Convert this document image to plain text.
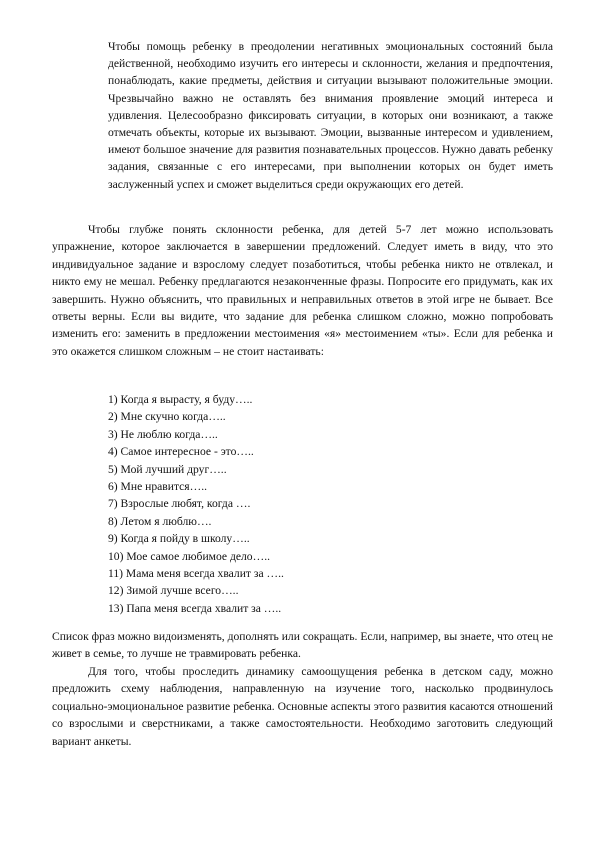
Чтобы помощь ребенку в преодолении негативных эмоциональных состояний была действенной, необходимо изучить его интересы и склонности, желания и предпочтения, понаблюдать, какие предметы, действия и ситуации вызывают положительные эмоции. Чрезвычайно важно не оставлять без внимания проявление эмоций интереса и удивления. Целесообразно фиксировать ситуации, в которых они возникают, а также отмечать объекты, которые их вызывают. Эмоции, вызванные интересом и удивлением, имеют большое значение для развития познавательных процессов. Нужно давать ребенку задания, связанные с его интересами, при выполнении которых он будет иметь заслуженный успех и сможет выделиться среди окружающих его детей.

Чтобы глубже понять склонности ребенка, для детей 5-7 лет можно использовать упражнение, которое заключается в завершении предложений. Следует иметь в виду, что это индивидуальное задание и взрослому следует позаботиться, чтобы ребенка никто не отвлекал, и никто ему не мешал. Ребенку предлагаются незаконченные фразы. Попросите его придумать, как их завершить. Нужно объяснить, что правильных и неправильных ответов в этой игре не бывает. Все ответы верны. Если вы видите, что задание для ребенка слишком сложно, можно попробовать изменить его: заменить в предложении местоимения «я» местоимением «ты». Если для ребенка и это окажется слишком сложным – не стоит настаивать:

1) Когда я вырасту, я буду…..
2) Мне скучно когда…..
3) Не люблю когда…..
4) Самое интересное - это…..
5) Мой лучший друг…..
6) Мне нравится…..
7) Взрослые любят, когда ….
8) Летом я люблю….
9) Когда я пойду в школу…..
10) Мое самое любимое дело…..
11) Мама меня всегда хвалит за …..
12) Зимой лучше всего…..
13) Папа меня всегда хвалит за …..

Список фраз можно видоизменять, дополнять или сокращать. Если, например, вы знаете, что отец не живет в семье, то лучше не травмировать ребенка.

Для того, чтобы проследить динамику самоощущения ребенка в детском саду, можно предложить схему наблюдения, направленную на изучение того, насколько продвинулось социально-эмоциональное развитие ребенка. Основные аспекты этого развития касаются отношений со взрослыми и сверстниками, а также самостоятельности. Необходимо заготовить следующий вариант анкеты.
